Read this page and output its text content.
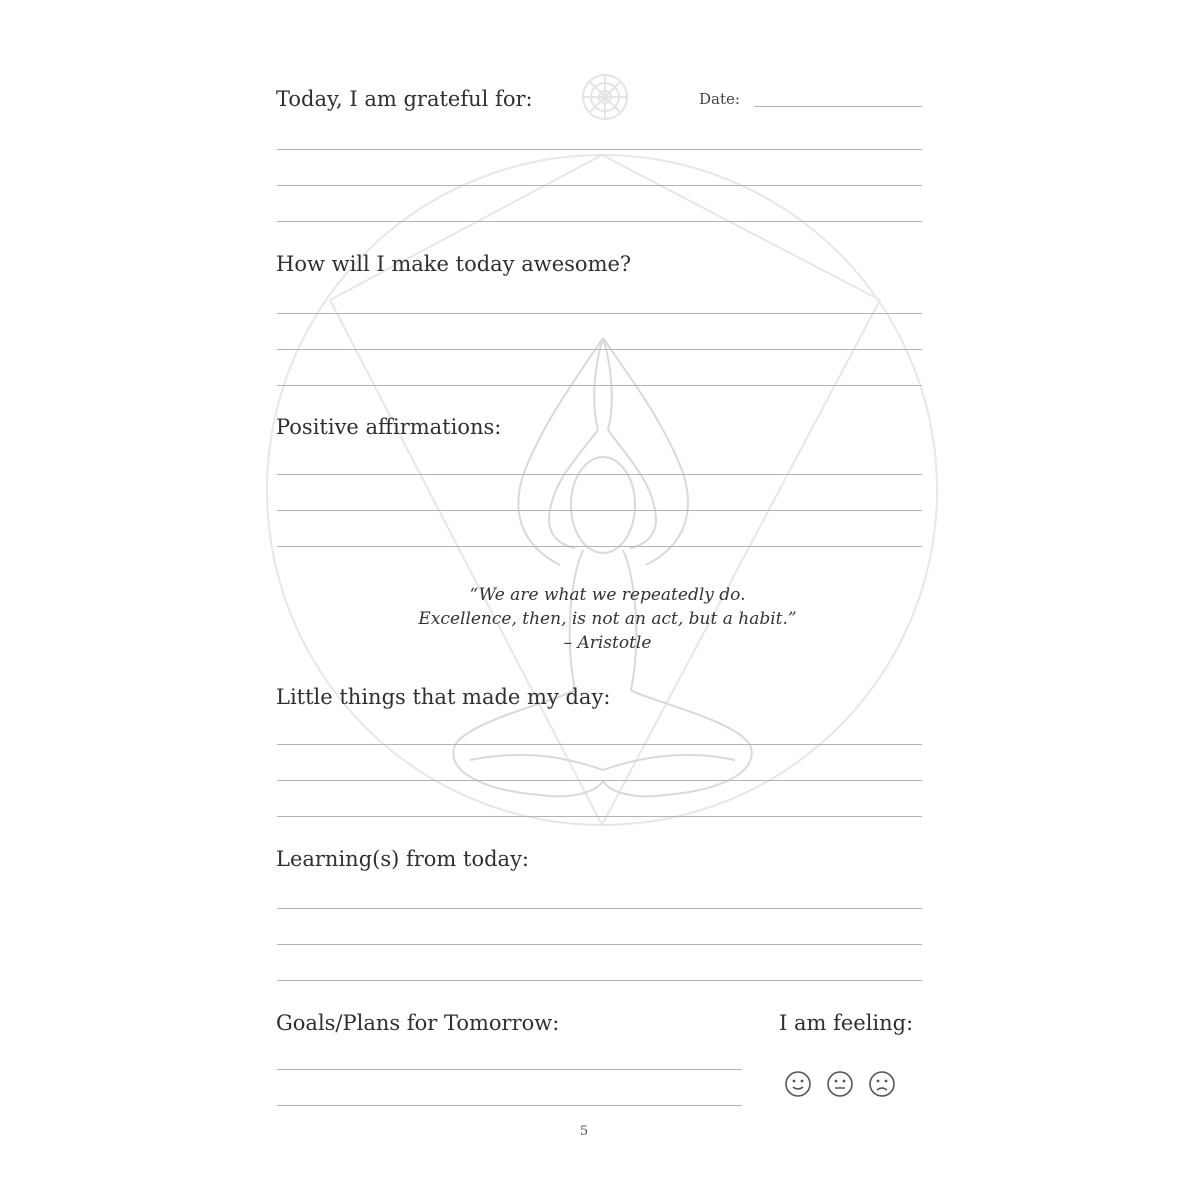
Today, I am grateful for:	Date:
How will I make today awesome?
Positive affirmations:
“We are what we repeatedly do.
Excellence, then, is not an act, but a habit.”
– Aristotle
Little things that made my day:
Learning(s) from today:
Goals/Plans for Tomorrow:	I am feeling:
5
